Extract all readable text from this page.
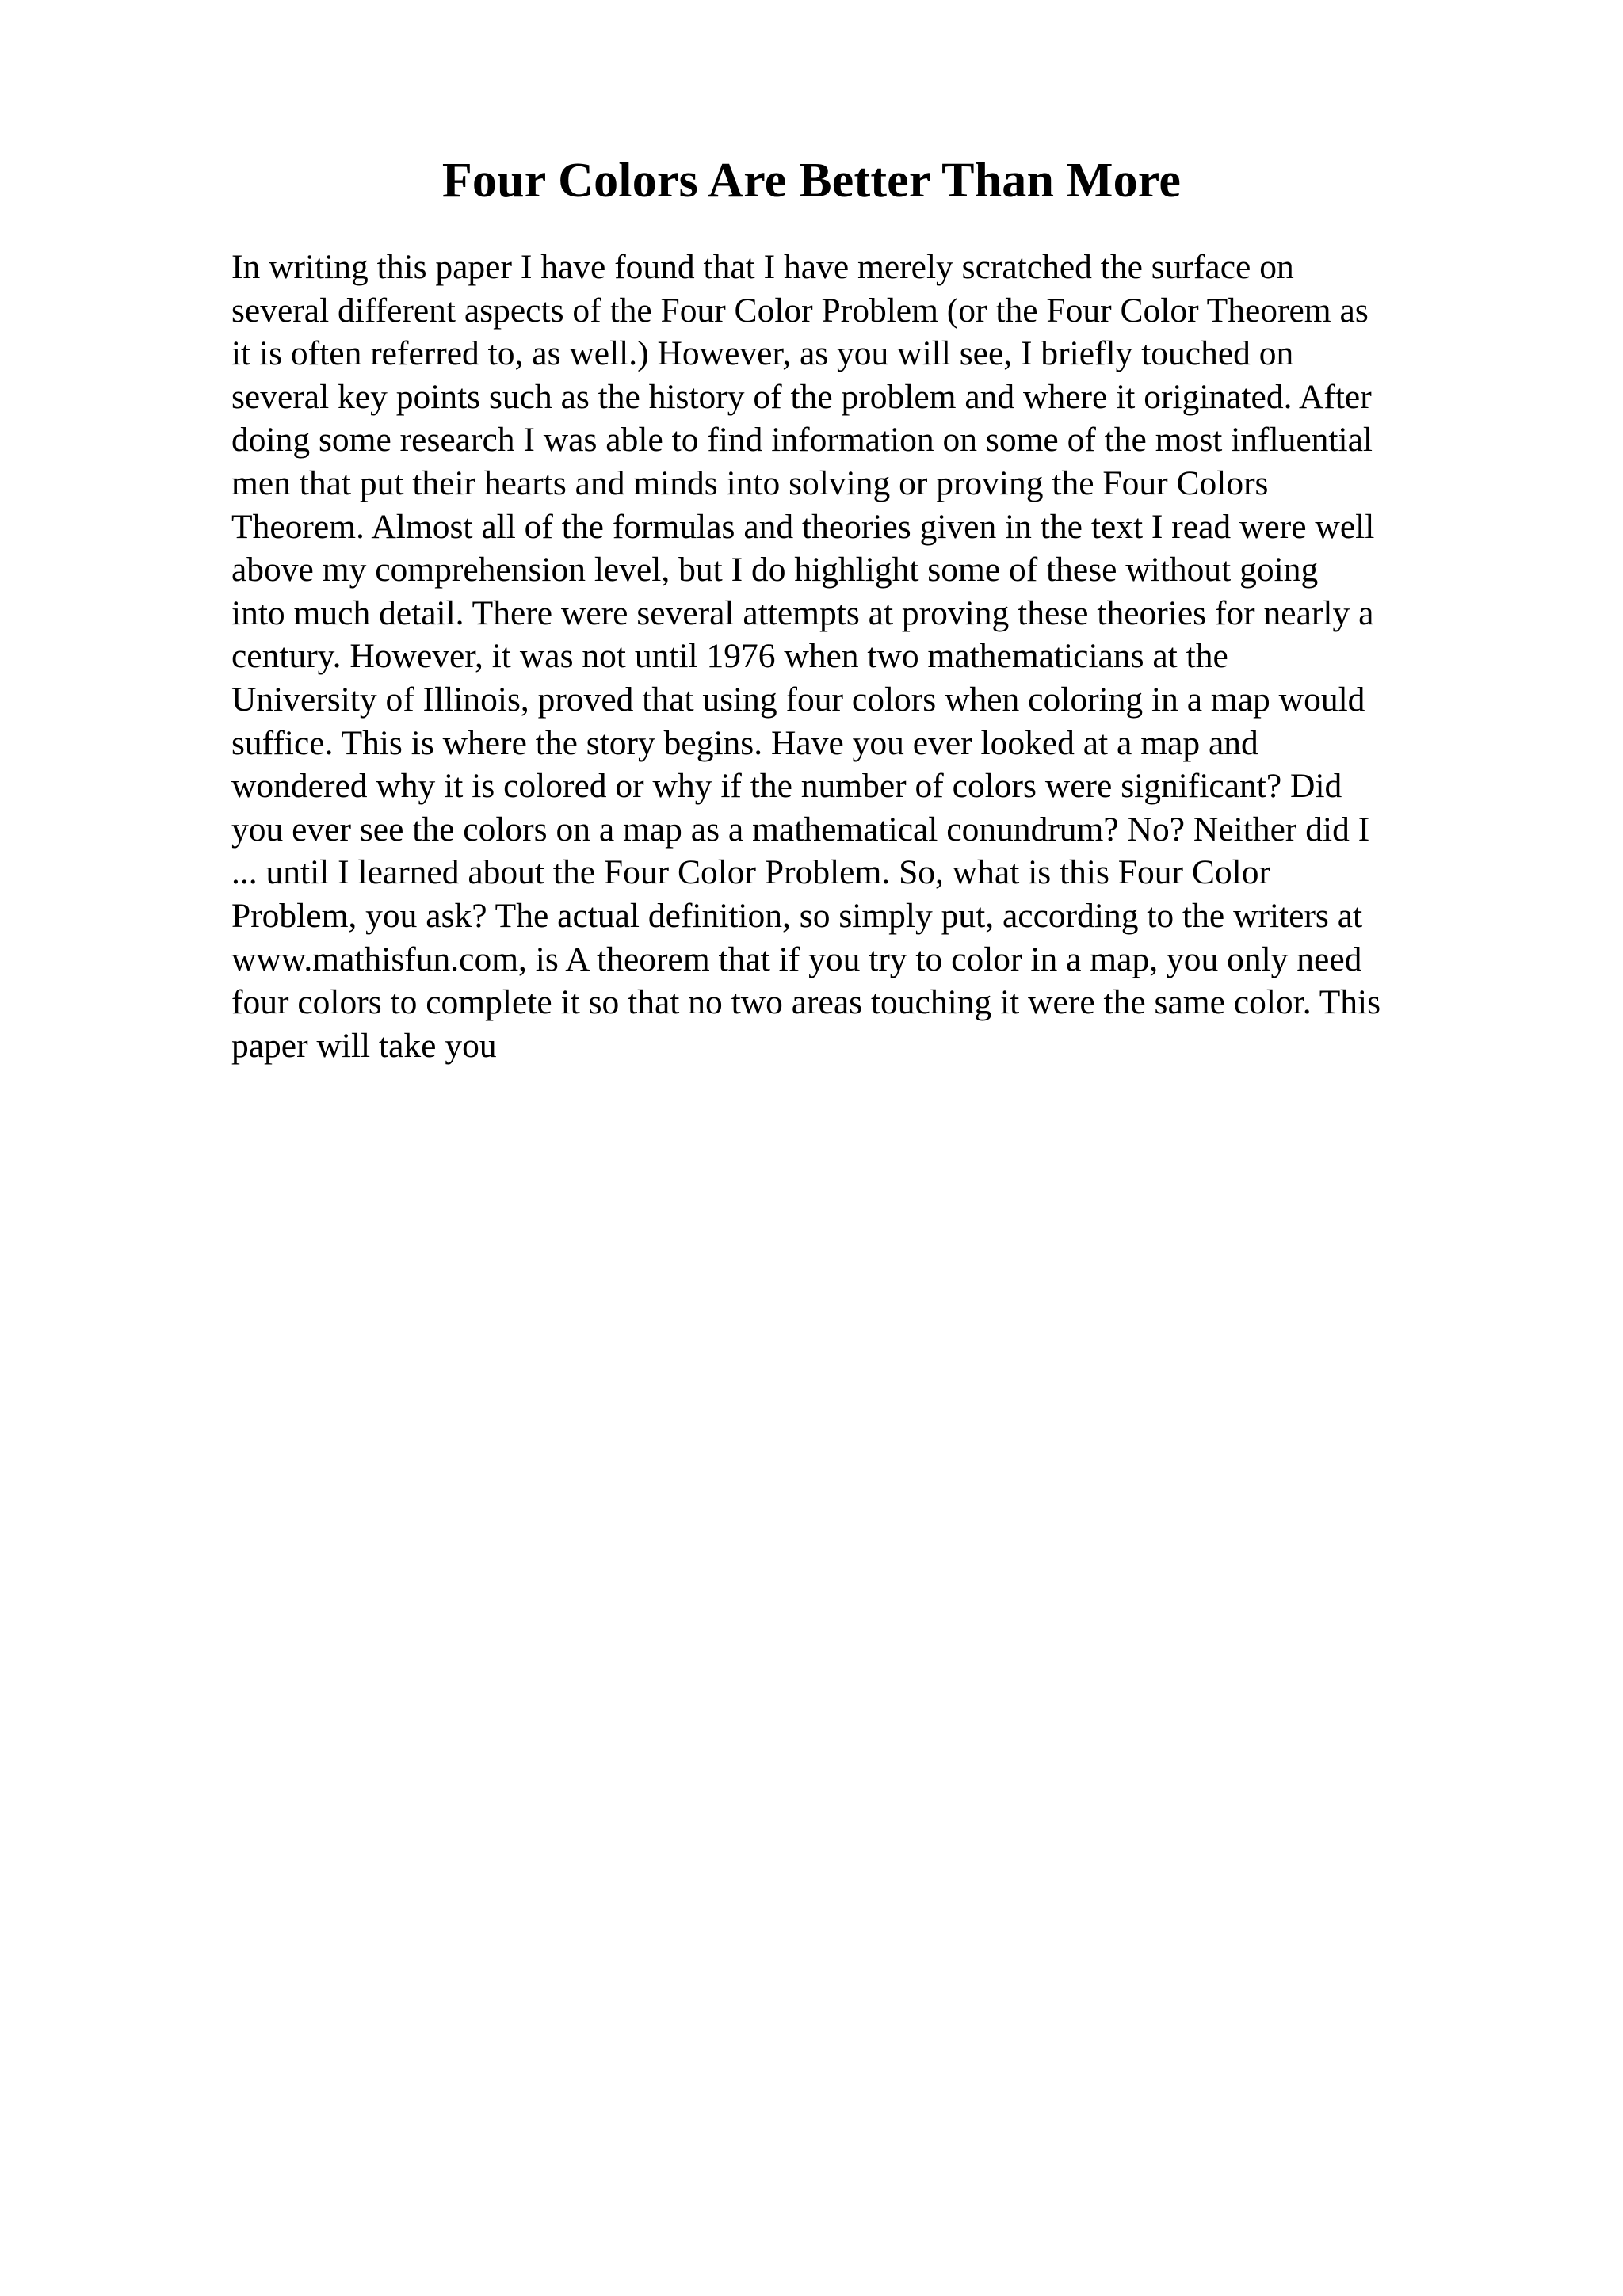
Four Colors Are Better Than More
In writing this paper I have found that I have merely scratched the surface on
several different aspects of the Four Color Problem (or the Four Color Theorem as
it is often referred to, as well.) However, as you will see, I briefly touched on
several key points such as the history of the problem and where it originated. After
doing some research I was able to find information on some of the most influential
men that put their hearts and minds into solving or proving the Four Colors
Theorem. Almost all of the formulas and theories given in the text I read were well
above my comprehension level, but I do highlight some of these without going
into much detail. There were several attempts at proving these theories for nearly a
century. However, it was not until 1976 when two mathematicians at the
University of Illinois, proved that using four colors when coloring in a map would
suffice. This is where the story begins. Have you ever looked at a map and
wondered why it is colored or why if the number of colors were significant? Did
you ever see the colors on a map as a mathematical conundrum? No? Neither did I
... until I learned about the Four Color Problem. So, what is this Four Color
Problem, you ask? The actual definition, so simply put, according to the writers at
www.mathisfun.com, is A theorem that if you try to color in a map, you only need
four colors to complete it so that no two areas touching it were the same color. This
paper will take you
